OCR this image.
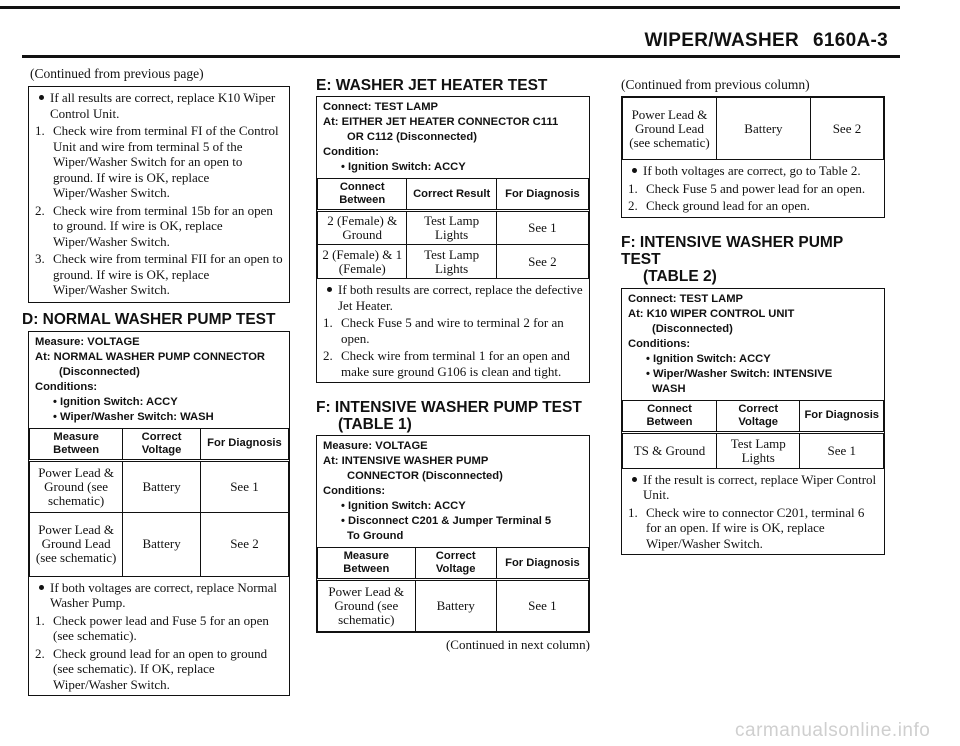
WIPER/WASHER 6160A-3
(Continued from previous page)
If all results are correct, replace K10 Wiper Control Unit.
1. Check wire from terminal FI of the Control Unit and wire from terminal 5 of the Wiper/Washer Switch for an open to ground. If wire is OK, replace Wiper/Washer Switch.
2. Check wire from terminal 15b for an open to ground. If wire is OK, replace Wiper/Washer Switch.
3. Check wire from terminal FII for an open to ground. If wire is OK, replace Wiper/Washer Switch.
D: NORMAL WASHER PUMP TEST
Measure: VOLTAGE
At: NORMAL WASHER PUMP CONNECTOR
(Disconnected)
Conditions:
• Ignition Switch: ACCY
• Wiper/Washer Switch: WASH
Measure Between	Correct Voltage	For Diagnosis
Power Lead & Ground (see schematic)	Battery	See 1
Power Lead & Ground Lead (see schematic)	Battery	See 2
If both voltages are correct, replace Normal Washer Pump.
1. Check power lead and Fuse 5 for an open (see schematic).
2. Check ground lead for an open to ground (see schematic). If OK, replace Wiper/Washer Switch.
E: WASHER JET HEATER TEST
Connect: TEST LAMP
At: EITHER JET HEATER CONNECTOR C111
OR C112 (Disconnected)
Condition:
• Ignition Switch: ACCY
Connect Between	Correct Result	For Diagnosis
2 (Female) & Ground	Test Lamp Lights	See 1
2 (Female) & 1 (Female)	Test Lamp Lights	See 2
If both results are correct, replace the defective Jet Heater.
1. Check Fuse 5 and wire to terminal 2 for an open.
2. Check wire from terminal 1 for an open and make sure ground G106 is clean and tight.
F: INTENSIVE WASHER PUMP TEST
(TABLE 1)
Measure: VOLTAGE
At: INTENSIVE WASHER PUMP
CONNECTOR (Disconnected)
Conditions:
• Ignition Switch: ACCY
• Disconnect C201 & Jumper Terminal 5
To Ground
Measure Between	Correct Voltage	For Diagnosis
Power Lead & Ground (see schematic)	Battery	See 1
(Continued in next column)
(Continued from previous column)
Power Lead & Ground Lead (see schematic)	Battery	See 2
If both voltages are correct, go to Table 2.
1. Check Fuse 5 and power lead for an open.
2. Check ground lead for an open.
F: INTENSIVE WASHER PUMP TEST
(TABLE 2)
Connect: TEST LAMP
At: K10 WIPER CONTROL UNIT
(Disconnected)
Conditions:
• Ignition Switch: ACCY
• Wiper/Washer Switch: INTENSIVE
WASH
Connect Between	Correct Voltage	For Diagnosis
TS & Ground	Test Lamp Lights	See 1
If the result is correct, replace Wiper Control Unit.
1. Check wire to connector C201, terminal 6 for an open. If wire is OK, replace Wiper/Washer Switch.
carmanualsonline.info
